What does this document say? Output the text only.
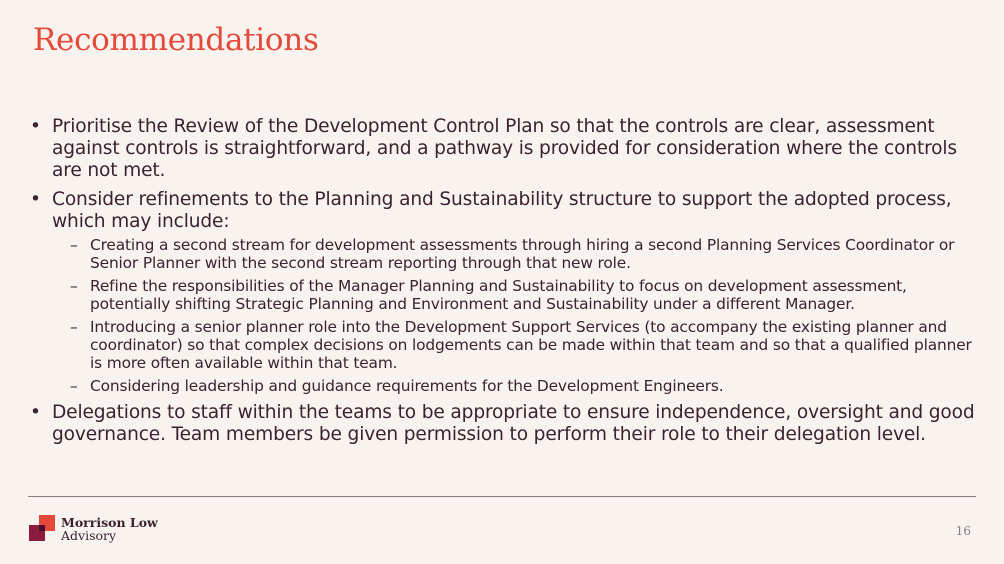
Recommendations
• Prioritise the Review of the Development Control Plan so that the controls are clear, assessment against controls is straightforward, and a pathway is provided for consideration where the controls are not met.
• Consider refinements to the Planning and Sustainability structure to support the adopted process, which may include:
– Creating a second stream for development assessments through hiring a second Planning Services Coordinator or Senior Planner with the second stream reporting through that new role.
– Refine the responsibilities of the Manager Planning and Sustainability to focus on development assessment, potentially shifting Strategic Planning and Environment and Sustainability under a different Manager.
– Introducing a senior planner role into the Development Support Services (to accompany the existing planner and coordinator) so that complex decisions on lodgements can be made within that team and so that a qualified planner is more often available within that team.
– Considering leadership and guidance requirements for the Development Engineers.
• Delegations to staff within the teams to be appropriate to ensure independence, oversight and good governance. Team members be given permission to perform their role to their delegation level.
Morrison Low
Advisory	16
